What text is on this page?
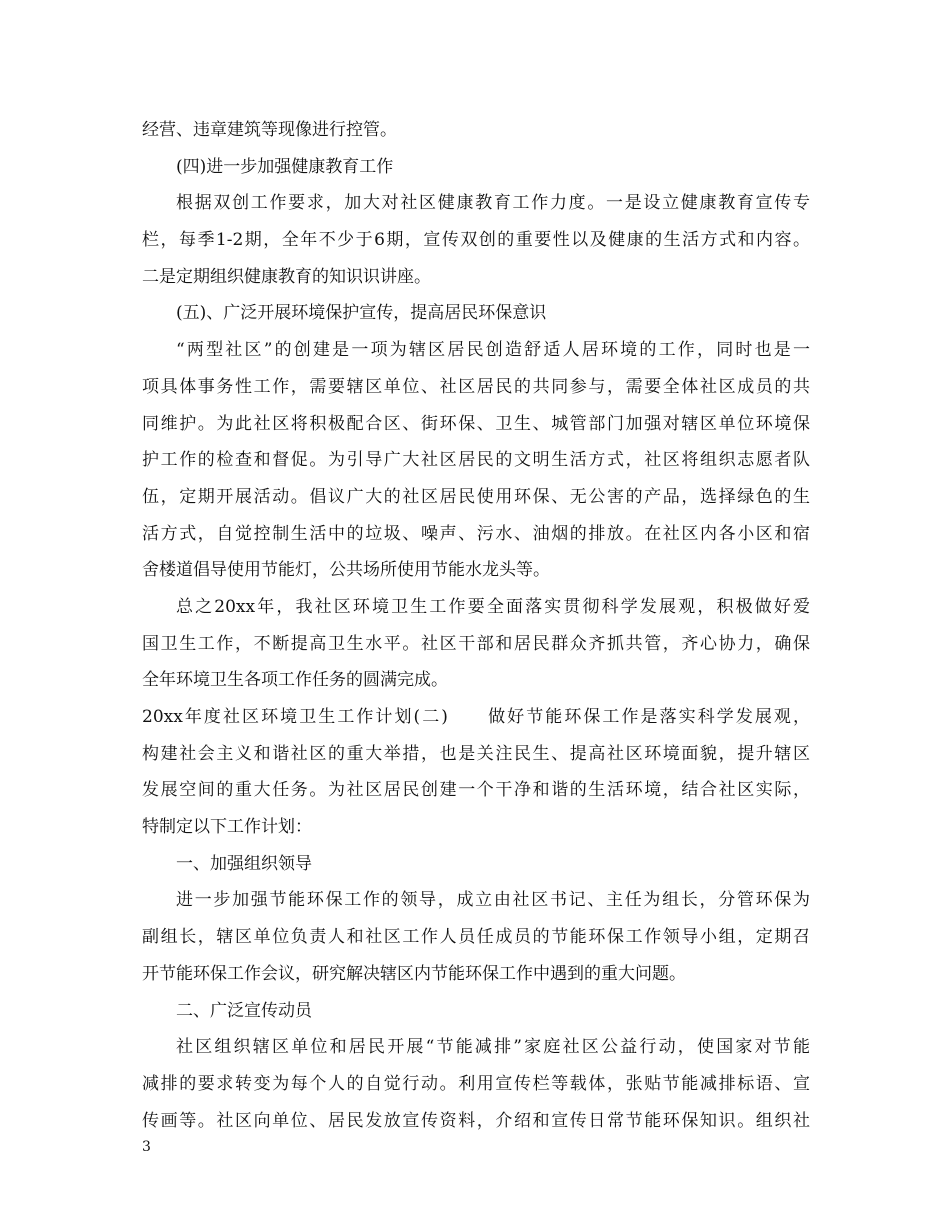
经营、违章建筑等现像进行控管。
(四)进一步加强健康教育工作
根据双创工作要求，加大对社区健康教育工作力度。一是设立健康教育宣传专
栏，每季1-2期，全年不少于6期，宣传双创的重要性以及健康的生活方式和内容。
二是定期组织健康教育的知识识讲座。
(五)、广泛开展环境保护宣传，提高居民环保意识
“两型社区”的创建是一项为辖区居民创造舒适人居环境的工作，同时也是一
项具体事务性工作，需要辖区单位、社区居民的共同参与，需要全体社区成员的共
同维护。为此社区将积极配合区、街环保、卫生、城管部门加强对辖区单位环境保
护工作的检查和督促。为引导广大社区居民的文明生活方式，社区将组织志愿者队
伍，定期开展活动。倡议广大的社区居民使用环保、无公害的产品，选择绿色的生
活方式，自觉控制生活中的垃圾、噪声、污水、油烟的排放。在社区内各小区和宿
舍楼道倡导使用节能灯，公共场所使用节能水龙头等。
总之20xx年，我社区环境卫生工作要全面落实贯彻科学发展观，积极做好爱
国卫生工作，不断提高卫生水平。社区干部和居民群众齐抓共管，齐心协力，确保
全年环境卫生各项工作任务的圆满完成。
20xx年度社区环境卫生工作计划(二)　　做好节能环保工作是落实科学发展观，
构建社会主义和谐社区的重大举措，也是关注民生、提高社区环境面貌，提升辖区
发展空间的重大任务。为社区居民创建一个干净和谐的生活环境，结合社区实际，
特制定以下工作计划：
一、加强组织领导
进一步加强节能环保工作的领导，成立由社区书记、主任为组长，分管环保为
副组长，辖区单位负责人和社区工作人员任成员的节能环保工作领导小组，定期召
开节能环保工作会议，研究解决辖区内节能环保工作中遇到的重大问题。
二、广泛宣传动员
社区组织辖区单位和居民开展“节能减排”家庭社区公益行动，使国家对节能
减排的要求转变为每个人的自觉行动。利用宣传栏等载体，张贴节能减排标语、宣
传画等。社区向单位、居民发放宣传资料，介绍和宣传日常节能环保知识。组织社
3
